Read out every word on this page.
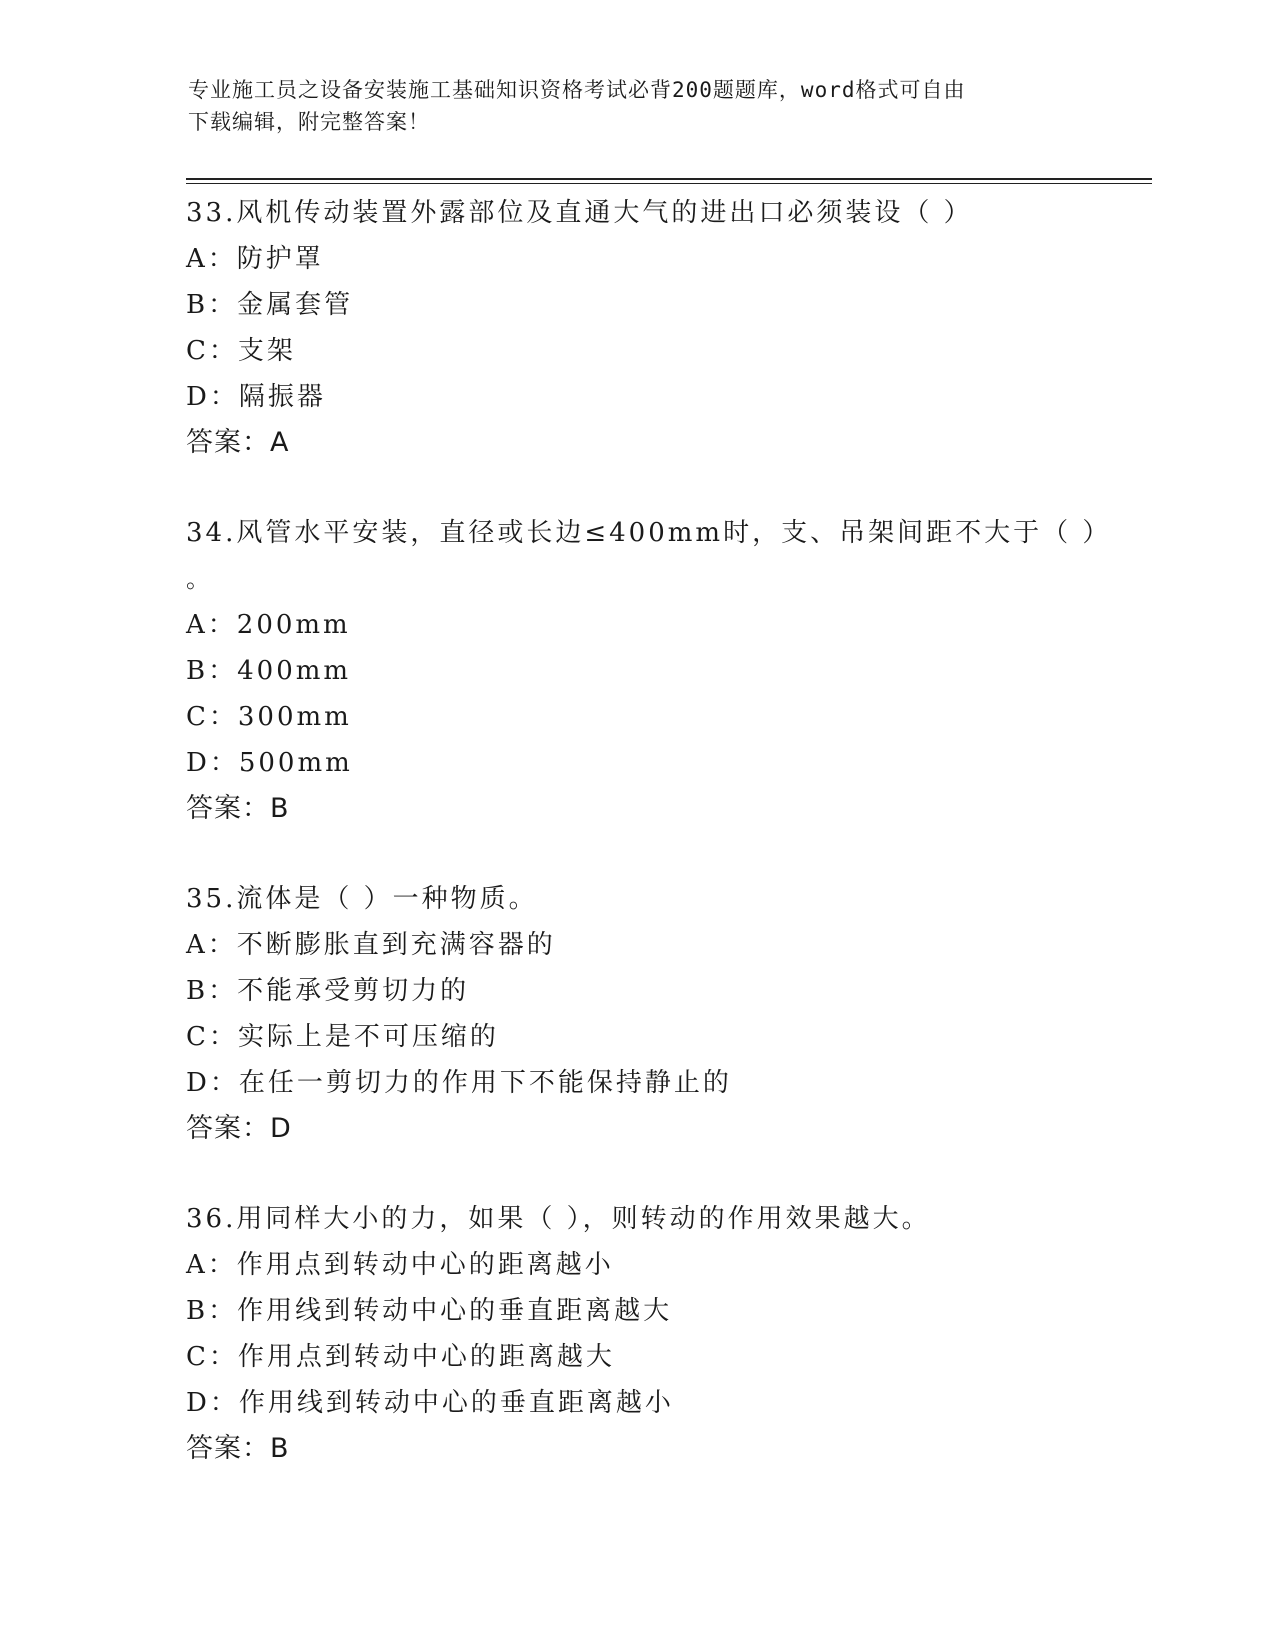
专业施工员之设备安装施工基础知识资格考试必背200题题库，word格式可自由
下载编辑，附完整答案！
33.风机传动装置外露部位及直通大气的进出口必须装设（ ）
A：防护罩
B：金属套管
C：支架
D：隔振器
答案：A
34.风管水平安装，直径或长边≤400mm时，支、吊架间距不大于（ ）
。
A：200mm
B：400mm
C：300mm
D：500mm
答案：B
35.流体是（ ）一种物质。
A：不断膨胀直到充满容器的
B：不能承受剪切力的
C：实际上是不可压缩的
D：在任一剪切力的作用下不能保持静止的
答案：D
36.用同样大小的力，如果（ ），则转动的作用效果越大。
A：作用点到转动中心的距离越小
B：作用线到转动中心的垂直距离越大
C：作用点到转动中心的距离越大
D：作用线到转动中心的垂直距离越小
答案：B
